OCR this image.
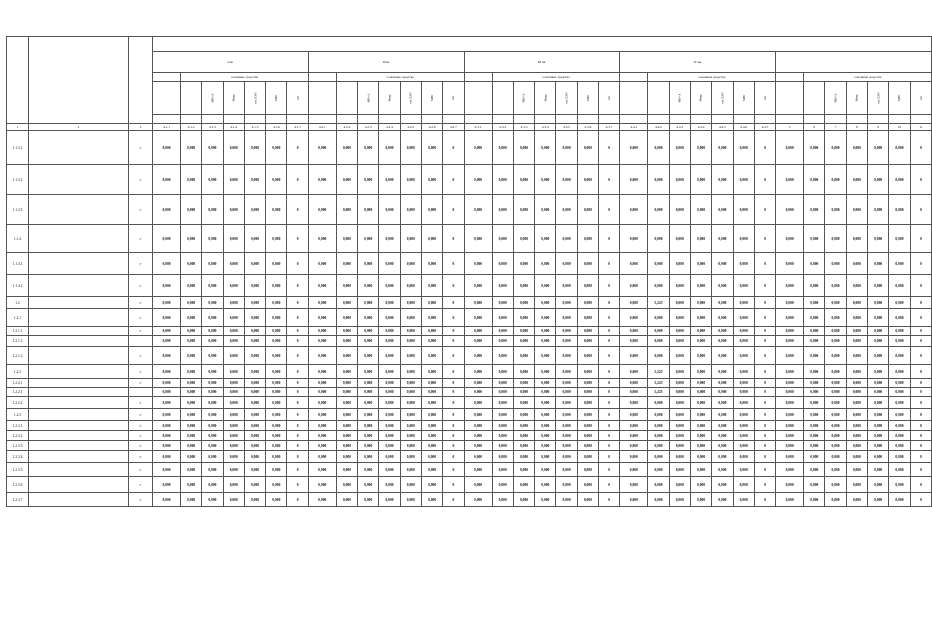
			I кв.							II кв.							III кв.							IV кв.													
				основные средства							основные средства							основные средства							основные средства							основные средства					
					МВ×А	Мвар	км ЛЭП	МВт	шт			МВ×А	Мвар	км ЛЭП	МВт	шт			МВ×А	Мвар	км ЛЭП	МВт	шт			МВ×А	Мвар	км ЛЭП	МВт	шт			МВ×А	Мвар	км ЛЭП	МВт	шт

1	2	3	4.1.1	4.1.2	4.1.3	4.1.4	4.1.5	4.1.6	4.1.7	4.2.1	4.2.2	4.2.3	4.2.4	4.2.5	4.2.6	4.2.7	4.3.1	4.3.2	4.3.3	4.3.4	4.3.5	4.3.6	4.3.7	4.4.1	4.4.2	4.4.3	4.4.4	4.4.5	4.4.6	4.4.7	5	6	7	8	9	10	11
1.1.3.1		Г	0,000	0,000	0,000	0,000	0,000	0,000	0	0,000	0,000	0,000	0,000	0,000	0,000	0	0,000	0,000	0,000	0,000	0,000	0,000	0	0,000	0,000	0,000	0,000	0,000	0,000	0	0,000	0,000	0,000	0,000	0,000	0,000	0
1.1.3.2		Г	0,000	0,000	0,000	0,000	0,000	0,000	0	0,000	0,000	0,000	0,000	0,000	0,000	0	0,000	0,000	0,000	0,000	0,000	0,000	0	0,000	0,000	0,000	0,000	0,000	0,000	0	0,000	0,000	0,000	0,000	0,000	0,000	0
1.1.3.3		Г	0,000	0,000	0,000	0,000	0,000	0,000	0	0,000	0,000	0,000	0,000	0,000	0,000	0	0,000	0,000	0,000	0,000	0,000	0,000	0	0,000	0,000	0,000	0,000	0,000	0,000	0	0,000	0,000	0,000	0,000	0,000	0,000	0
1.1.4		Г	0,000	0,000	0,000	0,000	0,000	0,000	0	0,000	0,000	0,000	0,000	0,000	0,000	0	0,000	0,000	0,000	0,000	0,000	0,000	0	0,000	0,000	0,000	0,000	0,000	0,000	0	0,000	0,000	0,000	0,000	0,000	0,000	0
1.1.4.1		Г	0,000	0,000	0,000	0,000	0,000	0,000	0	0,000	0,000	0,000	0,000	0,000	0,000	0	0,000	0,000	0,000	0,000	0,000	0,000	0	0,000	0,000	0,000	0,000	0,000	0,000	0	0,000	0,000	0,000	0,000	0,000	0,000	0
1.1.4.2		Г	0,000	0,000	0,000	0,000	0,000	0,000	0	0,000	0,000	0,000	0,000	0,000	0,000	0	0,000	0,000	0,000	0,000	0,000	0,000	0	0,000	0,000	0,000	0,000	0,000	0,000	0	0,000	0,000	0,000	0,000	0,000	0,000	0
1.2		Г	0,000	0,000	0,000	0,000	0,000	0,000	0	0,000	0,000	0,000	0,000	0,000	0,000	0	0,000	0,000	0,000	0,000	0,000	0,000	0	0,000	5,225	0,000	0,000	0,000	0,000	0	0,000	0,000	0,000	0,000	0,000	0,000	0
1.2.1		Г	0,000	0,000	0,000	0,000	0,000	0,000	0	0,000	0,000	0,000	0,000	0,000	0,000	0	0,000	0,000	0,000	0,000	0,000	0,000	0	0,000	0,000	0,000	0,000	0,000	0,000	0	0,000	0,000	0,000	0,000	0,000	0,000	0
1.2.1.1		Г	0,000	0,000	0,000	0,000	0,000	0,000	0	0,000	0,000	0,000	0,000	0,000	0,000	0	0,000	0,000	0,000	0,000	0,000	0,000	0	0,000	0,000	0,000	0,000	0,000	0,000	0	0,000	0,000	0,000	0,000	0,000	0,000	0
1.2.1.1			0,000	0,000	0,000	0,000	0,000	0,000	0	0,000	0,000	0,000	0,000	0,000	0,000	0	0,000	0,000	0,000	0,000	0,000	0,000	0	0,000	0,000	0,000	0,000	0,000	0,000	0	0,000	0,000	0,000	0,000	0,000	0,000	0
1.2.1.2		Г	0,000	0,000	0,000	0,000	0,000	0,000	0	0,000	0,000	0,000	0,000	0,000	0,000	0	0,000	0,000	0,000	0,000	0,000	0,000	0	0,000	0,000	0,000	0,000	0,000	0,000	0	0,000	0,000	0,000	0,000	0,000	0,000	0
1.2.2		Г	0,000	0,000	0,000	0,000	0,000	0,000	0	0,000	0,000	0,000	0,000	0,000	0,000	0	0,000	0,000	0,000	0,000	0,000	0,000	0	0,000	5,225	0,000	0,000	0,000	0,000	0	0,000	0,000	0,000	0,000	0,000	0,000	0
1.2.2.1		Г	0,000	0,000	0,000	0,000	0,000	0,000	0	0,000	0,000	0,000	0,000	0,000	0,000	0	0,000	0,000	0,000	0,000	0,000	0,000	0	0,000	5,225	0,000	0,000	0,000	0,000	0	0,000	0,000	0,000	0,000	0,000	0,000	0
1.2.2.1			0,000	0,000	0,000	0,000	0,000	0,000	0	0,000	0,000	0,000	0,000	0,000	0,000	0	0,000	0,000	0,000	0,000	0,000	0,000	0	0,000	5,225	0,000	0,000	0,000	0,000	0	0,000	0,000	0,000	0,000	0,000	0,000	0
1.2.2.2		Г	0,000	0,000	0,000	0,000	0,000	0,000	0	0,000	0,000	0,000	0,000	0,000	0,000	0	0,000	0,000	0,000	0,000	0,000	0,000	0	0,000	0,000	0,000	0,000	0,000	0,000	0	0,000	0,000	0,000	0,000	0,000	0,000	0
1.2.3		Г	0,000	0,000	0,000	0,000	0,000	0,000	0	0,000	0,000	0,000	0,000	0,000	0,000	0	0,000	0,000	0,000	0,000	0,000	0,000	0	0,000	0,000	0,000	0,000	0,000	0,000	0	0,000	0,000	0,000	0,000	0,000	0,000	0
1.2.3.1		Г	0,000	0,000	0,000	0,000	0,000	0,000	0	0,000	0,000	0,000	0,000	0,000	0,000	0	0,000	0,000	0,000	0,000	0,000	0,000	0	0,000	0,000	0,000	0,000	0,000	0,000	0	0,000	0,000	0,000	0,000	0,000	0,000	0
1.2.3.2		Г	0,000	0,000	0,000	0,000	0,000	0,000	0	0,000	0,000	0,000	0,000	0,000	0,000	0	0,000	0,000	0,000	0,000	0,000	0,000	0	0,000	0,000	0,000	0,000	0,000	0,000	0	0,000	0,000	0,000	0,000	0,000	0,000	0
1.2.3.3		Г	0,000	0,000	0,000	0,000	0,000	0,000	0	0,000	0,000	0,000	0,000	0,000	0,000	0	0,000	0,000	0,000	0,000	0,000	0,000	0	0,000	0,000	0,000	0,000	0,000	0,000	0	0,000	0,000	0,000	0,000	0,000	0,000	0
1.2.3.4		Г	0,000	0,000	0,000	0,000	0,000	0,000	0	0,000	0,000	0,000	0,000	0,000	0,000	0	0,000	0,000	0,000	0,000	0,000	0,000	0	0,000	0,000	0,000	0,000	0,000	0,000	0	0,000	0,000	0,000	0,000	0,000	0,000	0
1.2.3.5		Г	0,000	0,000	0,000	0,000	0,000	0,000	0	0,000	0,000	0,000	0,000	0,000	0,000	0	0,000	0,000	0,000	0,000	0,000	0,000	0	0,000	0,000	0,000	0,000	0,000	0,000	0	0,000	0,000	0,000	0,000	0,000	0,000	0
1.2.3.6		Г	0,000	0,000	0,000	0,000	0,000	0,000	0	0,000	0,000	0,000	0,000	0,000	0,000	0	0,000	0,000	0,000	0,000	0,000	0,000	0	0,000	0,000	0,000	0,000	0,000	0,000	0	0,000	0,000	0,000	0,000	0,000	0,000	0
1.2.3.7		Г	0,000	0,000	0,000	0,000	0,000	0,000	0	0,000	0,000	0,000	0,000	0,000	0,000	0	0,000	0,000	0,000	0,000	0,000	0,000	0	0,000	0,000	0,000	0,000	0,000	0,000	0	0,000	0,000	0,000	0,000	0,000	0,000	0
